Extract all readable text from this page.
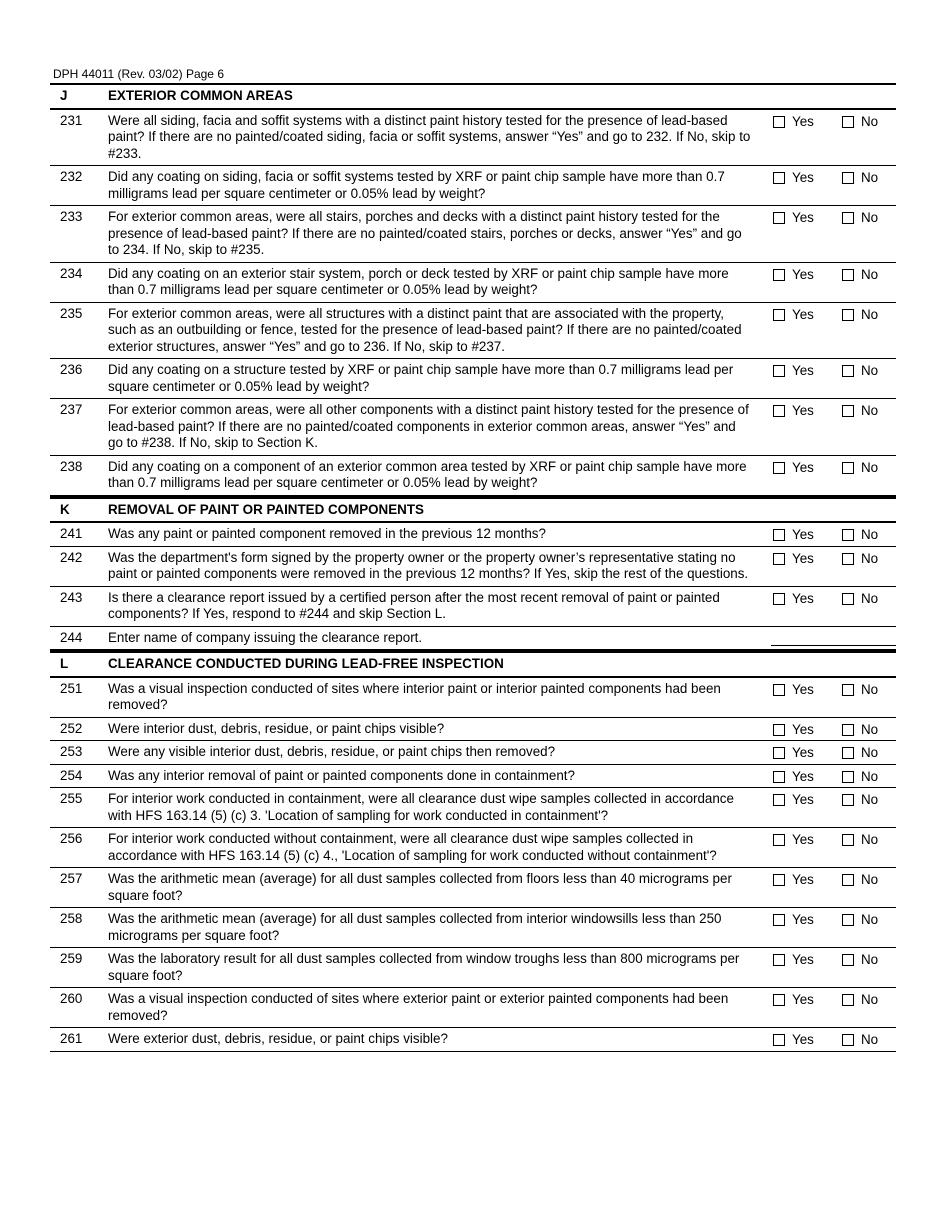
DPH 44011 (Rev. 03/02) Page 6
J	EXTERIOR COMMON AREAS
231	Were all siding, facia and soffit systems with a distinct paint history tested for the presence of lead-based paint? If there are no painted/coated siding, facia or soffit systems, answer “Yes” and go to 232. If No, skip to #233.
Yes	No
232	Did any coating on siding, facia or soffit systems tested by XRF or paint chip sample have more than 0.7 milligrams lead per square centimeter or 0.05% lead by weight?
Yes	No
233	For exterior common areas, were all stairs, porches and decks with a distinct paint history tested for the presence of lead-based paint? If there are no painted/coated stairs, porches or decks, answer “Yes” and go to 234. If No, skip to #235.
Yes	No
234	Did any coating on an exterior stair system, porch or deck tested by XRF or paint chip sample have more than 0.7 milligrams lead per square centimeter or 0.05% lead by weight?
Yes	No
235	For exterior common areas, were all structures with a distinct paint that are associated with the property, such as an outbuilding or fence, tested for the presence of lead-based paint? If there are no painted/coated exterior structures, answer “Yes” and go to 236. If No, skip to #237.
Yes	No
236	Did any coating on a structure tested by XRF or paint chip sample have more than 0.7 milligrams lead per square centimeter or 0.05% lead by weight?
Yes	No
237	For exterior common areas, were all other components with a distinct paint history tested for the presence of lead-based paint? If there are no painted/coated components in exterior common areas, answer “Yes” and go to #238. If No, skip to Section K.
Yes	No
238	Did any coating on a component of an exterior common area tested by XRF or paint chip sample have more than 0.7 milligrams lead per square centimeter or 0.05% lead by weight?
Yes	No
K	REMOVAL OF PAINT OR PAINTED COMPONENTS
241	Was any paint or painted component removed in the previous 12 months?	Yes	No
242	Was the department's form signed by the property owner or the property owner’s representative stating no paint or painted components were removed in the previous 12 months? If Yes, skip the rest of the questions.
Yes	No
243	Is there a clearance report issued by a certified person after the most recent removal of paint or painted components? If Yes, respond to #244 and skip Section L.
Yes	No
244	Enter name of company issuing the clearance report.
L	CLEARANCE CONDUCTED DURING LEAD-FREE INSPECTION
251	Was a visual inspection conducted of sites where interior paint or interior painted components had been removed?
Yes	No
252	Were interior dust, debris, residue, or paint chips visible?	Yes	No
253	Were any visible interior dust, debris, residue, or paint chips then removed?	Yes	No
254	Was any interior removal of paint or painted components done in containment?	Yes	No
255	For interior work conducted in containment, were all clearance dust wipe samples collected in accordance with HFS 163.14 (5) (c) 3. 'Location of sampling for work conducted in containment'?
Yes	No
256	For interior work conducted without containment, were all clearance dust wipe samples collected in accordance with HFS 163.14 (5) (c) 4., 'Location of sampling for work conducted without containment'?
Yes	No
257	Was the arithmetic mean (average) for all dust samples collected from floors less than 40 micrograms per square foot?
Yes	No
258	Was the arithmetic mean (average) for all dust samples collected from interior windowsills less than 250 micrograms per square foot?
Yes	No
259	Was the laboratory result for all dust samples collected from window troughs less than 800 micrograms per square foot?
Yes	No
260	Was a visual inspection conducted of sites where exterior paint or exterior painted components had been removed?
Yes	No
261	Were exterior dust, debris, residue, or paint chips visible?	Yes	No
